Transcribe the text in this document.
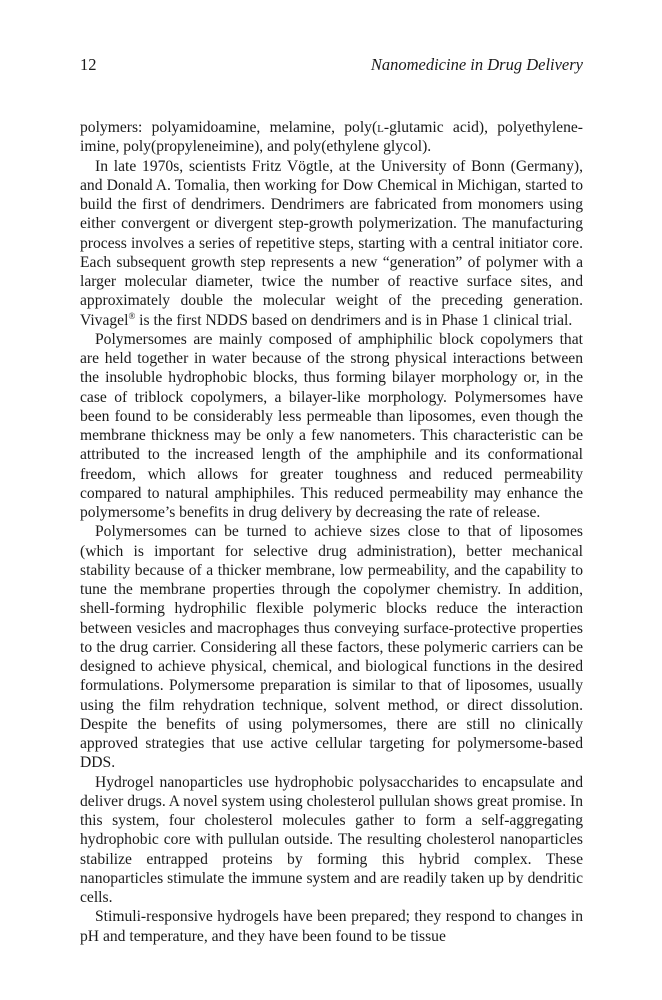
12	Nanomedicine in Drug Delivery

polymers: polyamidoamine, melamine, poly(l-glutamic acid), polyethyleneimine, poly(propyleneimine), and poly(ethylene glycol).

In late 1970s, scientists Fritz Vögtle, at the University of Bonn (Germany), and Donald A. Tomalia, then working for Dow Chemical in Michigan, started to build the first of dendrimers. Dendrimers are fabricated from monomers using either convergent or divergent step-growth polymerization. The manufacturing process involves a series of repetitive steps, starting with a central initiator core. Each subsequent growth step represents a new “generation” of polymer with a larger molecular diameter, twice the number of reactive surface sites, and approximately double the molecular weight of the preceding generation. Vivagel® is the first NDDS based on dendrimers and is in Phase 1 clinical trial.

Polymersomes are mainly composed of amphiphilic block copolymers that are held together in water because of the strong physical interactions between the insoluble hydrophobic blocks, thus forming bilayer morphology or, in the case of triblock copolymers, a bilayer-like morphology. Polymersomes have been found to be considerably less permeable than liposomes, even though the membrane thickness may be only a few nanometers. This characteristic can be attributed to the increased length of the amphiphile and its conformational freedom, which allows for greater toughness and reduced permeability compared to natural amphiphiles. This reduced permeability may enhance the polymersome’s benefits in drug delivery by decreasing the rate of release.

Polymersomes can be turned to achieve sizes close to that of liposomes (which is important for selective drug administration), better mechanical stability because of a thicker membrane, low permeability, and the capability to tune the membrane properties through the copolymer chemistry. In addition, shell-forming hydrophilic flexible polymeric blocks reduce the interaction between vesicles and macrophages thus conveying surface-protective properties to the drug carrier. Considering all these factors, these polymeric carriers can be designed to achieve physical, chemical, and biological functions in the desired formulations. Polymersome preparation is similar to that of liposomes, usually using the film rehydration technique, solvent method, or direct dissolution. Despite the benefits of using polymersomes, there are still no clinically approved strategies that use active cellular targeting for polymersome-based DDS.

Hydrogel nanoparticles use hydrophobic polysaccharides to encapsulate and deliver drugs. A novel system using cholesterol pullulan shows great promise. In this system, four cholesterol molecules gather to form a self-aggregating hydrophobic core with pullulan outside. The resulting cholesterol nanoparticles stabilize entrapped proteins by forming this hybrid complex. These nanoparticles stimulate the immune system and are readily taken up by dendritic cells.

Stimuli-responsive hydrogels have been prepared; they respond to changes in pH and temperature, and they have been found to be tissue
